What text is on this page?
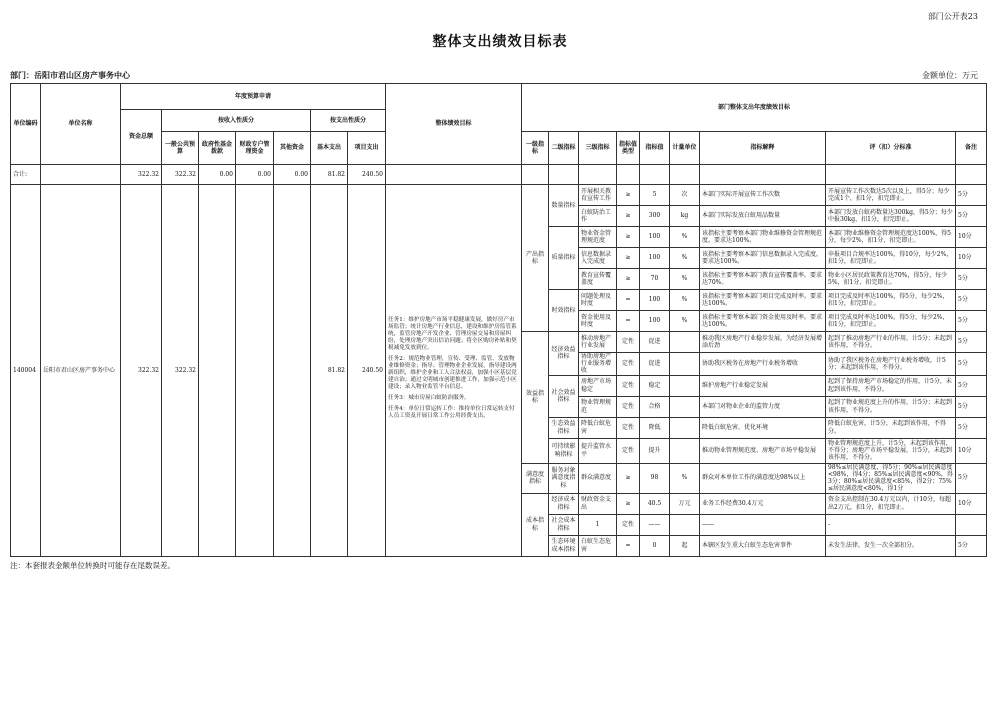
部门公开表23
整体支出绩效目标表
部门：岳阳市君山区房产事务中心	金额单位：万元
单位编码	单位名称	年度预算申请							整体绩效目标	部门整体支出年度绩效目标								
		资金总额	按收入性质分				按支出性质分											
			一般公共预算	政府性基金拨款	财政专户管理资金	其他资金	基本支出	项目支出		一级指标	二级指标	三级指标	指标值类型	指标值	计量单位	指标解释	评（扣）分标准	备注
合计:		322.32	322.32	0.00	0.00	0.00	81.82	240.50										
140004	岳阳市君山区房产事务中心	322.32	322.32				81.82	240.50	任务1：维护房地产市场平稳健康发展，做好房产市场监管；统计房地产行业信息，建设和维护房监管系统，监管房地产开发企业、管理房屋交易和房屋纠纷，处理房地产突出信访问题；将全区购房补贴和契税减免发放到位。

任务2：规范物业管理，宣传、受理、监管、发放物业维修资金；指导、管理物业企业发展，指导建设两新组织，维护企业和工人合法权益，加强小区基层党建自治；通过文明城市创建推进工作，加强示范小区建设；录入物业监管平台信息。

任务3：城市房屋白蚁防治服务。

任务4：单位日常运转工作：推持单位日常运转支付人员工资及开展日常工作公用经费支出。	产出指标	数量指标	开展相关教育宣传工作	≥	5	次	本部门实际开展宣传工作次数	开展宣传工作次数达5次以及上，得5分；每少完成1个，扣1分，扣完即止。	5分
												白蚁防治工作	≥	300	kg	本部门实际发放白蚁用品数量	本部门发放白蚁药数量达300kg，得5分；每少中报30kg，扣1分，扣完即止。	5分
											质量指标	物业资金管理规范度	≥	100	%	该指标主要考察本部门物业维修资金管理规范度。要求达100%。	本部门物业维修资金管理规范度达100%，得5分，每少2%，扣1分，扣完即止。	10分
												信息数据录入完成度	≥	100	%	该指标主要考察本部门信息数据录入完成度。要求达100%。	申报项目合规率达100%，得10分，每少2%，扣1分，扣完即止。	10分
												教育宣传覆盖度	≥	70	%	该指标主要考察本部门教育宣传覆盖率。要求达70%。	物业小区居民政策教育达70%，得5分，每少5%，扣1分，扣完即止。	5分
											时效指标	问题处理及时度	=	100	%	该指标主要考察本部门项目完成及时率。要求达100%。	项目完成及时率达100%，得5分，每少2%，扣1分，扣完即止。	5分
												资金使用及时度	=	100	%	该指标主要考察本部门资金使用及时率。要求达100%。	项目完成及时率达100%，得5分，每少2%，扣1分，扣完即止。	5分
										效益指标	经济效益指标	推动房地产行业发展	定性	促进		推动我区房地产行业稳步发展，为经济发展增添后劲	起到了推动房地产行业的作用，计5分；未起到该作用，不得分。	5分
												协助房地产行业服务增收	定性	促进		协助我区税务在房地产行业税务增收	协助了我区税务在房地产行业税务增收，计5分；未起到该作用，不得分。	5分
											社会效益指标	房地产市场稳定	定性	稳定		维护房地产行业稳定发展	起到了保持房地产市场稳定的作用，计5分，未起到该作用，不得分。	5分
												物业管理规范	定性	合格		本部门对物业企业的监管力度	起到了物业规范度上升的作用，计5分；未起到该作用，不得分。	5分
											生态效益指标	降低白蚁危害	定性	降低		降低白蚁危害，优化环境	降低白蚁危害，计5分，未起到该作用，不得分。	5分
											可持续影响指标	提升监管水平	定性	提升		推动物业管理规范度、房地产市场平稳发展	物业管理规范度上升，计5分，未起到该作用，不得分；房地产市场平稳发展，计5分，未起到该作用，不得分。	10分
										满意度指标	服务对象满意度指标	群众满意度	≥	98	%	群众对本单位工作的满意度达98%以上	98%≤居民满意度，得5分；90%≤居民满意度<98%，得4分；85%≤居民满意度<90%，得3分；80%≤居民满意度<85%，得2分；75%≤居民满意度<80%，得1分	5分
										成本指标	经济成本指标	财政资金支出	≥	40.5	万元	业务工作经费30.4万元	资金支出控制在30.4万元以内，计10分，每超出2万元，扣1分，扣完即止。	10分
											社会成本指标	1	定性	——		——	-	
											生态环境成本指标	白蚁生态危害	=	0	起	本辖区发生重大白蚁生态危害事件	未发生法律，发生一次全部扣分。	5分
注：本套报表金额单位转换时可能存在尾数误差。
